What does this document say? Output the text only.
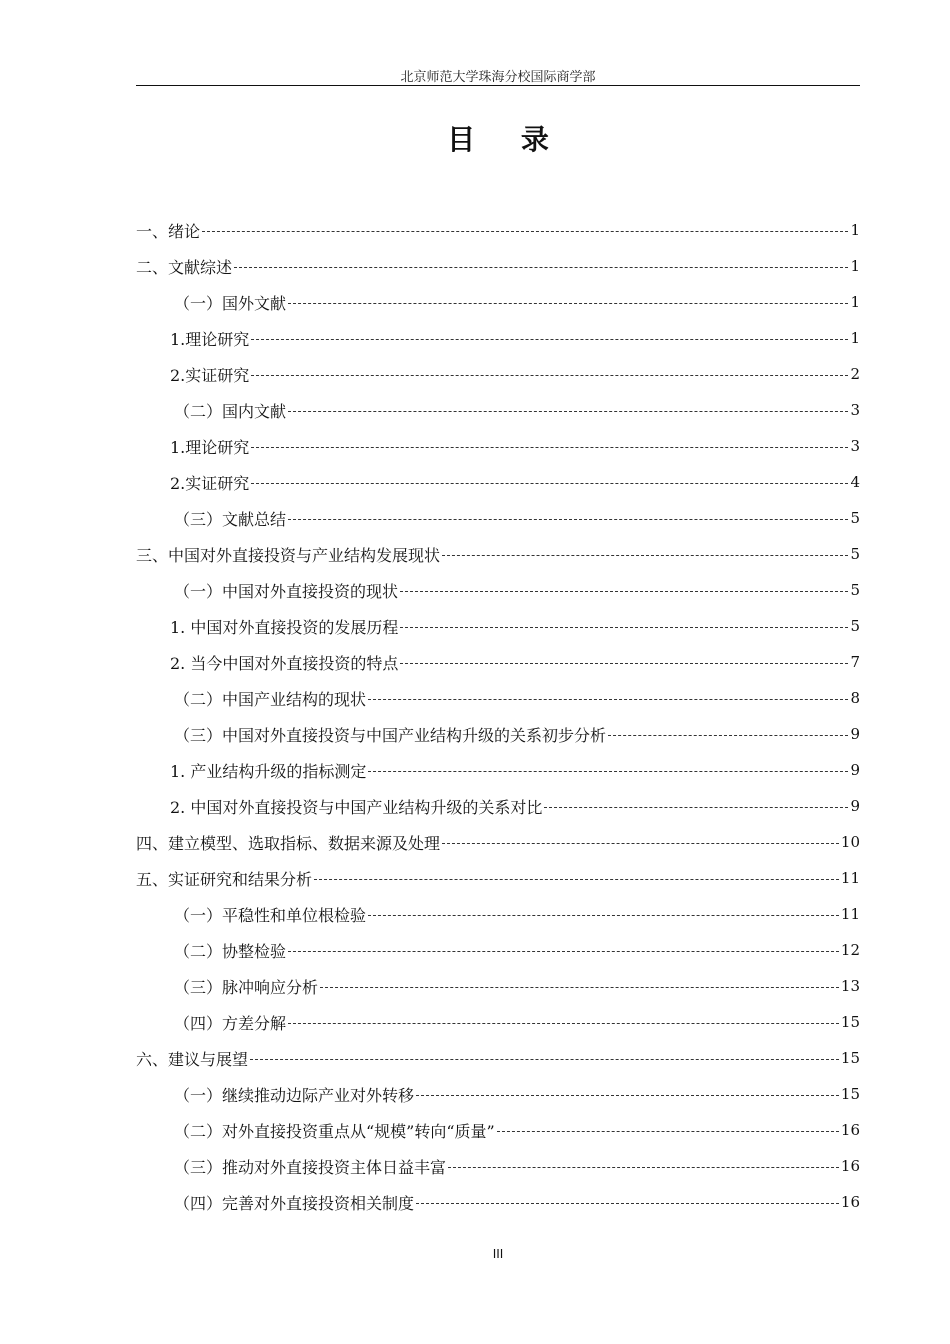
北京师范大学珠海分校国际商学部
目 录
一、绪论	1
二、文献综述	1
（一）国外文献	1
1.理论研究	1
2.实证研究	2
（二）国内文献	3
1.理论研究	3
2.实证研究	4
（三）文献总结	5
三、中国对外直接投资与产业结构发展现状	5
（一）中国对外直接投资的现状	5
1. 中国对外直接投资的发展历程	5
2. 当今中国对外直接投资的特点	7
（二）中国产业结构的现状	8
（三）中国对外直接投资与中国产业结构升级的关系初步分析	9
1. 产业结构升级的指标测定	9
2. 中国对外直接投资与中国产业结构升级的关系对比	9
四、建立模型、选取指标、数据来源及处理	10
五、实证研究和结果分析	11
（一）平稳性和单位根检验	11
（二）协整检验	12
（三）脉冲响应分析	13
（四）方差分解	15
六、建议与展望	15
（一）继续推动边际产业对外转移	15
（二）对外直接投资重点从“规模”转向“质量”	16
（三）推动对外直接投资主体日益丰富	16
（四）完善对外直接投资相关制度	16
III
